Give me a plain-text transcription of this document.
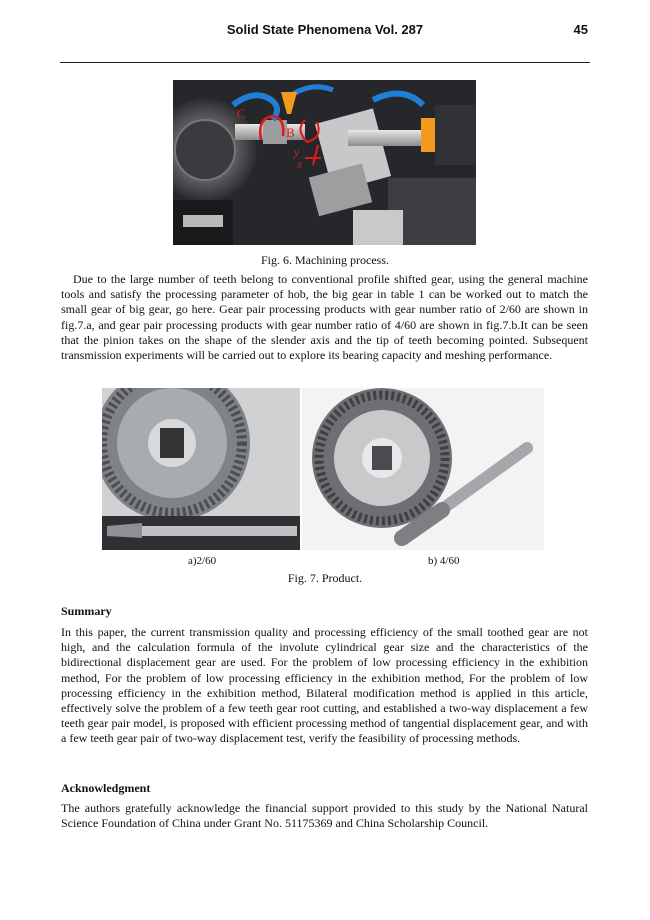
Solid State Phenomena Vol. 287	45
C
B
y
x
Fig. 6. Machining process.

Due to the large number of teeth belong to conventional profile shifted gear, using the general machine tools and satisfy the processing parameter of hob, the big gear in table 1 can be worked out to match the small gear of big gear, go here. Gear pair processing products with gear number ratio of 2/60 are shown in fig.7.a, and gear pair processing products with gear number ratio of 4/60 are shown in fig.7.b.It can be seen that the pinion takes on the shape of the slender axis and the tip of teeth becoming pointed. Subsequent transmission experiments will be carried out to explore its bearing capacity and meshing performance.

a)2/60	b) 4/60
Fig. 7. Product.
Summary

In this paper, the current transmission quality and processing efficiency of the small toothed gear are not high, and the calculation formula of the involute cylindrical gear size and the characteristics of the bidirectional displacement gear are used. For the problem of low processing efficiency in the exhibition method, For the problem of low processing efficiency in the exhibition method, For the problem of low processing efficiency in the exhibition method, Bilateral modification method is applied in this article, effectively solve the problem of a few teeth gear root cutting, and established a two-way displacement a few teeth gear pair model, is proposed with efficient processing method of tangential displacement gear, and with a few teeth gear pair of two-way displacement test, verify the feasibility of processing methods.

Acknowledgment

The authors gratefully acknowledge the financial support provided to this study by the National Natural Science Foundation of China under Grant No. 51175369 and China Scholarship Council.
